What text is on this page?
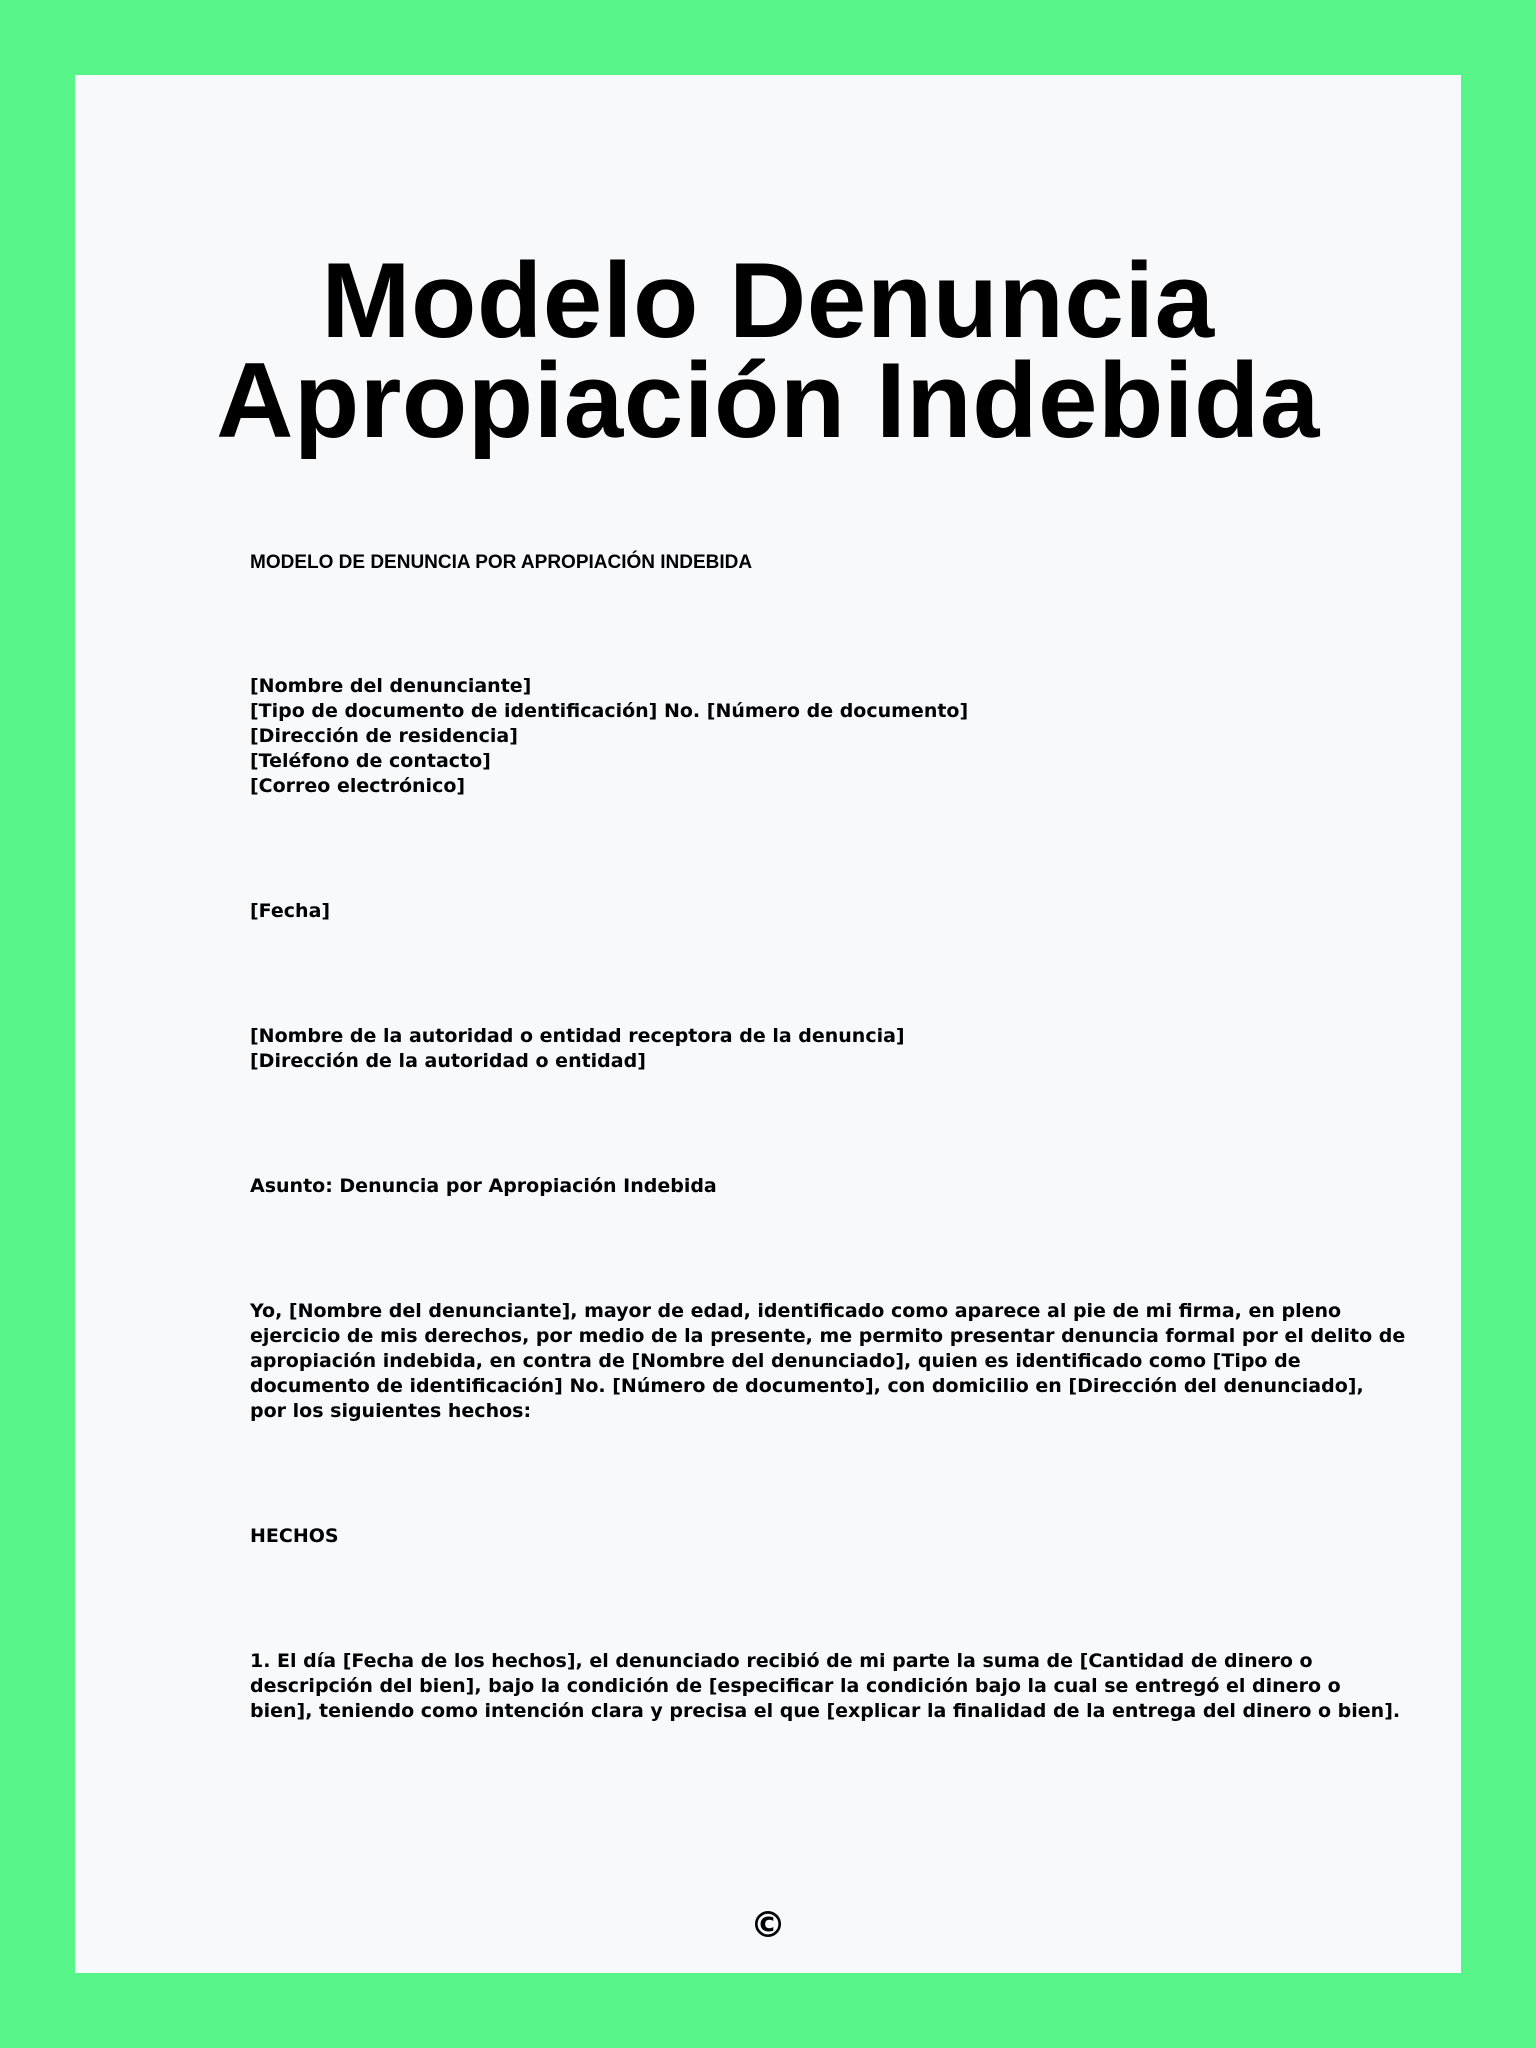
Modelo Denuncia
Apropiación Indebida

MODELO DE DENUNCIA POR APROPIACIÓN INDEBIDA

[Nombre del denunciante]
[Tipo de documento de identificación] No. [Número de documento]
[Dirección de residencia]
[Teléfono de contacto]
[Correo electrónico]

[Fecha]

[Nombre de la autoridad o entidad receptora de la denuncia]
[Dirección de la autoridad o entidad]

Asunto: Denuncia por Apropiación Indebida

Yo, [Nombre del denunciante], mayor de edad, identificado como aparece al pie de mi firma, en pleno
ejercicio de mis derechos, por medio de la presente, me permito presentar denuncia formal por el delito de
apropiación indebida, en contra de [Nombre del denunciado], quien es identificado como [Tipo de
documento de identificación] No. [Número de documento], con domicilio en [Dirección del denunciado],
por los siguientes hechos:

HECHOS

1. El día [Fecha de los hechos], el denunciado recibió de mi parte la suma de [Cantidad de dinero o
descripción del bien], bajo la condición de [especificar la condición bajo la cual se entregó el dinero o
bien], teniendo como intención clara y precisa el que [explicar la finalidad de la entrega del dinero o bien].
©
